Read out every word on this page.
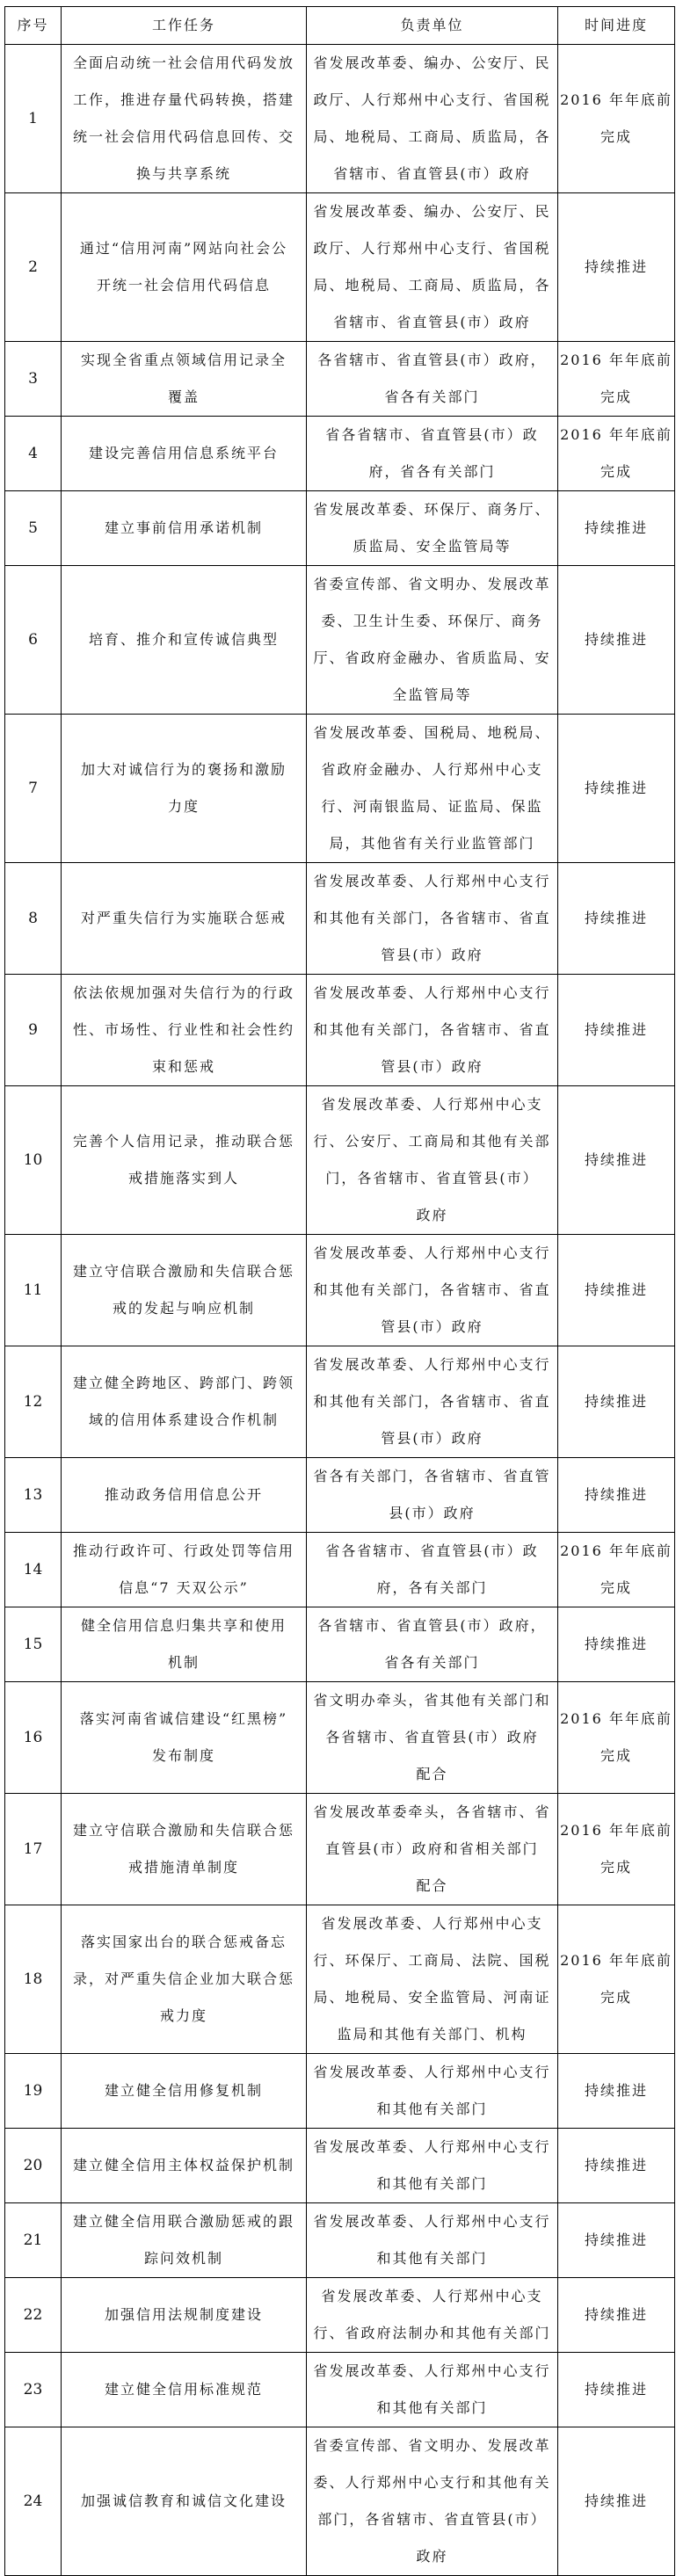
序号	工作任务	负责单位	时间进度
1	全面启动统一社会信用代码发放
工作，推进存量代码转换，搭建
统一社会信用代码信息回传、交
换与共享系统	省发展改革委、编办、公安厅、民
政厅、人行郑州中心支行、省国税
局、地税局、工商局、质监局，各
省辖市、省直管县(市）政府	2016 年年底前
完成

2	通过“信用河南”网站向社会公
开统一社会信用代码信息	省发展改革委、编办、公安厅、民
政厅、人行郑州中心支行、省国税
局、地税局、工商局、质监局，各
省辖市、省直管县(市）政府	持续推进

3	实现全省重点领域信用记录全
覆盖	各省辖市、省直管县(市）政府，
省各有关部门	2016 年年底前
完成

4	建设完善信用信息系统平台	省各省辖市、省直管县(市）政
府，省各有关部门	2016 年年底前
完成

5	建立事前信用承诺机制	省发展改革委、环保厅、商务厅、
质监局、安全监管局等	持续推进

6	培育、推介和宣传诚信典型	省委宣传部、省文明办、发展改革
委、卫生计生委、环保厅、商务
厅、省政府金融办、省质监局、安
全监管局等	持续推进

7	加大对诚信行为的褒扬和激励
力度	省发展改革委、国税局、地税局、
省政府金融办、人行郑州中心支
行、河南银监局、证监局、保监
局，其他省有关行业监管部门	持续推进

8	对严重失信行为实施联合惩戒	省发展改革委、人行郑州中心支行
和其他有关部门，各省辖市、省直
管县(市）政府	持续推进

9	依法依规加强对失信行为的行政
性、市场性、行业性和社会性约
束和惩戒	省发展改革委、人行郑州中心支行
和其他有关部门，各省辖市、省直
管县(市）政府	持续推进

10	完善个人信用记录，推动联合惩
戒措施落实到人	省发展改革委、人行郑州中心支
行、公安厅、工商局和其他有关部
门，各省辖市、省直管县(市）
政府	持续推进

11	建立守信联合激励和失信联合惩
戒的发起与响应机制	省发展改革委、人行郑州中心支行
和其他有关部门，各省辖市、省直
管县(市）政府	持续推进

12	建立健全跨地区、跨部门、跨领
域的信用体系建设合作机制	省发展改革委、人行郑州中心支行
和其他有关部门，各省辖市、省直
管县(市）政府	持续推进

13	推动政务信用信息公开	省各有关部门，各省辖市、省直管
县(市）政府	持续推进

14	推动行政许可、行政处罚等信用
信息“7 天双公示”	省各省辖市、省直管县(市）政
府，各有关部门	2016 年年底前
完成

15	健全信用信息归集共享和使用
机制	各省辖市、省直管县(市）政府，
省各有关部门	持续推进

16	落实河南省诚信建设“红黑榜”
发布制度	省文明办牵头，省其他有关部门和
各省辖市、省直管县(市）政府
配合	2016 年年底前
完成

17	建立守信联合激励和失信联合惩
戒措施清单制度	省发展改革委牵头，各省辖市、省
直管县(市）政府和省相关部门
配合	2016 年年底前
完成

18	落实国家出台的联合惩戒备忘
录，对严重失信企业加大联合惩
戒力度	省发展改革委、人行郑州中心支
行、环保厅、工商局、法院、国税
局、地税局、安全监管局、河南证
监局和其他有关部门、机构	2016 年年底前
完成

19	建立健全信用修复机制	省发展改革委、人行郑州中心支行
和其他有关部门	持续推进

20	建立健全信用主体权益保护机制	省发展改革委、人行郑州中心支行
和其他有关部门	持续推进

21	建立健全信用联合激励惩戒的跟
踪问效机制	省发展改革委、人行郑州中心支行
和其他有关部门	持续推进

22	加强信用法规制度建设	省发展改革委、人行郑州中心支
行、省政府法制办和其他有关部门	持续推进

23	建立健全信用标准规范	省发展改革委、人行郑州中心支行
和其他有关部门	持续推进

24	加强诚信教育和诚信文化建设	省委宣传部、省文明办、发展改革
委、人行郑州中心支行和其他有关
部门，各省辖市、省直管县(市）
政府	持续推进
